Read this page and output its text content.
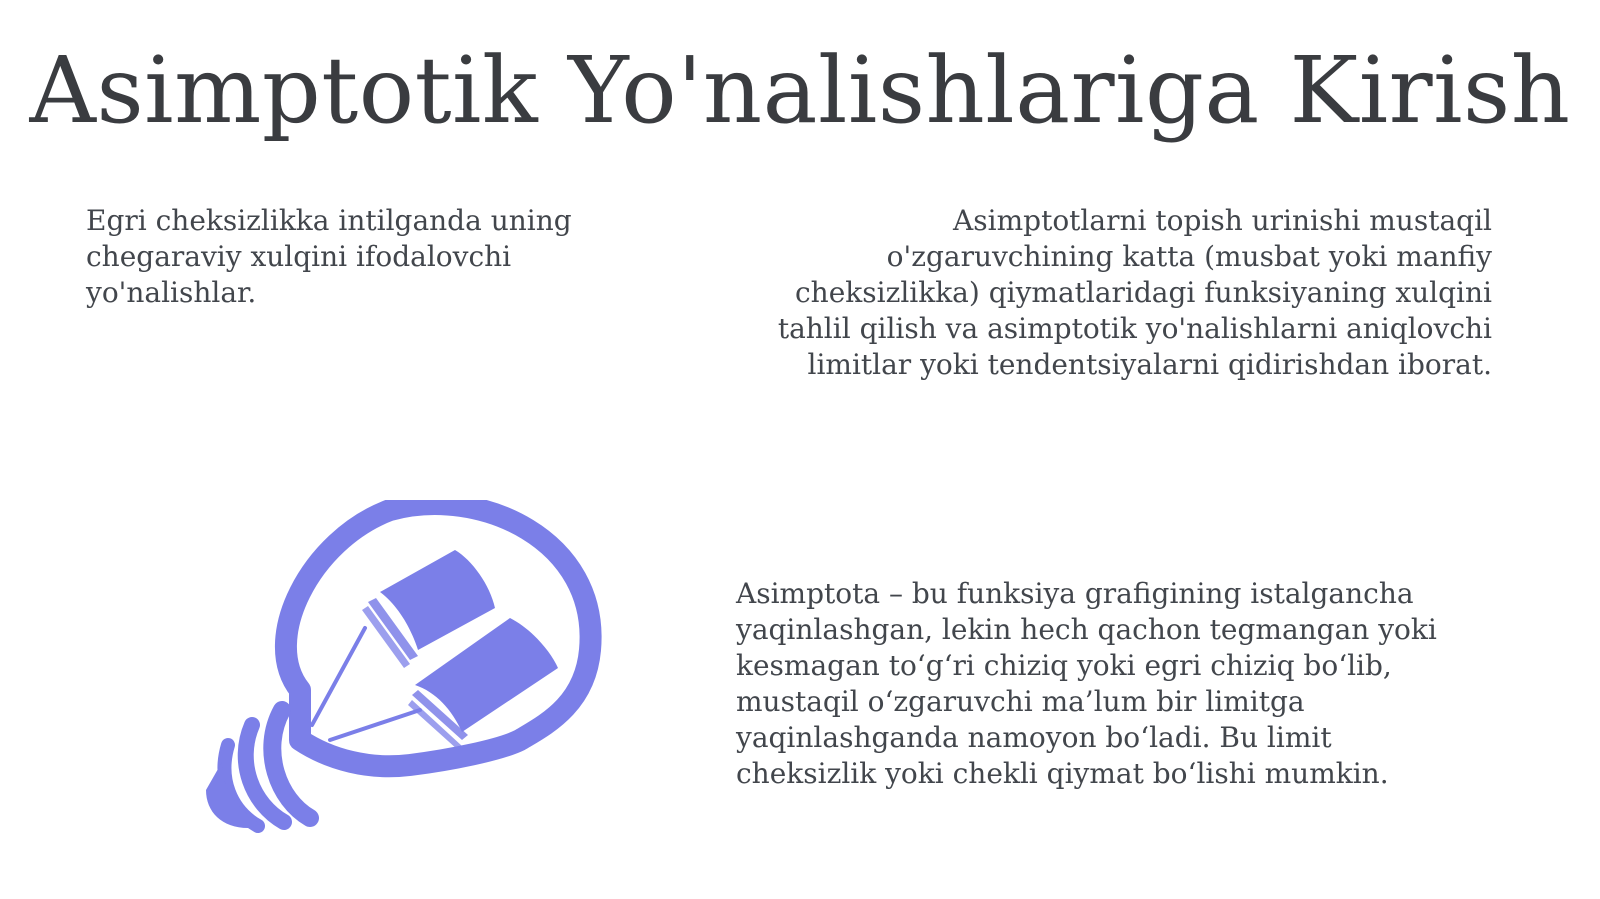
Asimptotik Yo'nalishlariga Kirish

Egri cheksizlikka intilganda uning chegaraviy xulqini ifodalovchi yo'nalishlar.

Asimptotlarni topish urinishi mustaqil o'zgaruvchining katta (musbat yoki manfiy cheksizlikka) qiymatlaridagi funksiyaning xulqini tahlil qilish va asimptotik yo'nalishlarni aniqlovchi limitlar yoki tendentsiyalarni qidirishdan iborat.

Asimptota – bu funksiya grafigining istalgancha yaqinlashgan, lekin hech qachon tegmangan yoki kesmagan to‘g‘ri chiziq yoki egri chiziq bo‘lib, mustaqil o‘zgaruvchi ma’lum bir limitga yaqinlashganda namoyon bo‘ladi. Bu limit cheksizlik yoki chekli qiymat bo‘lishi mumkin.
